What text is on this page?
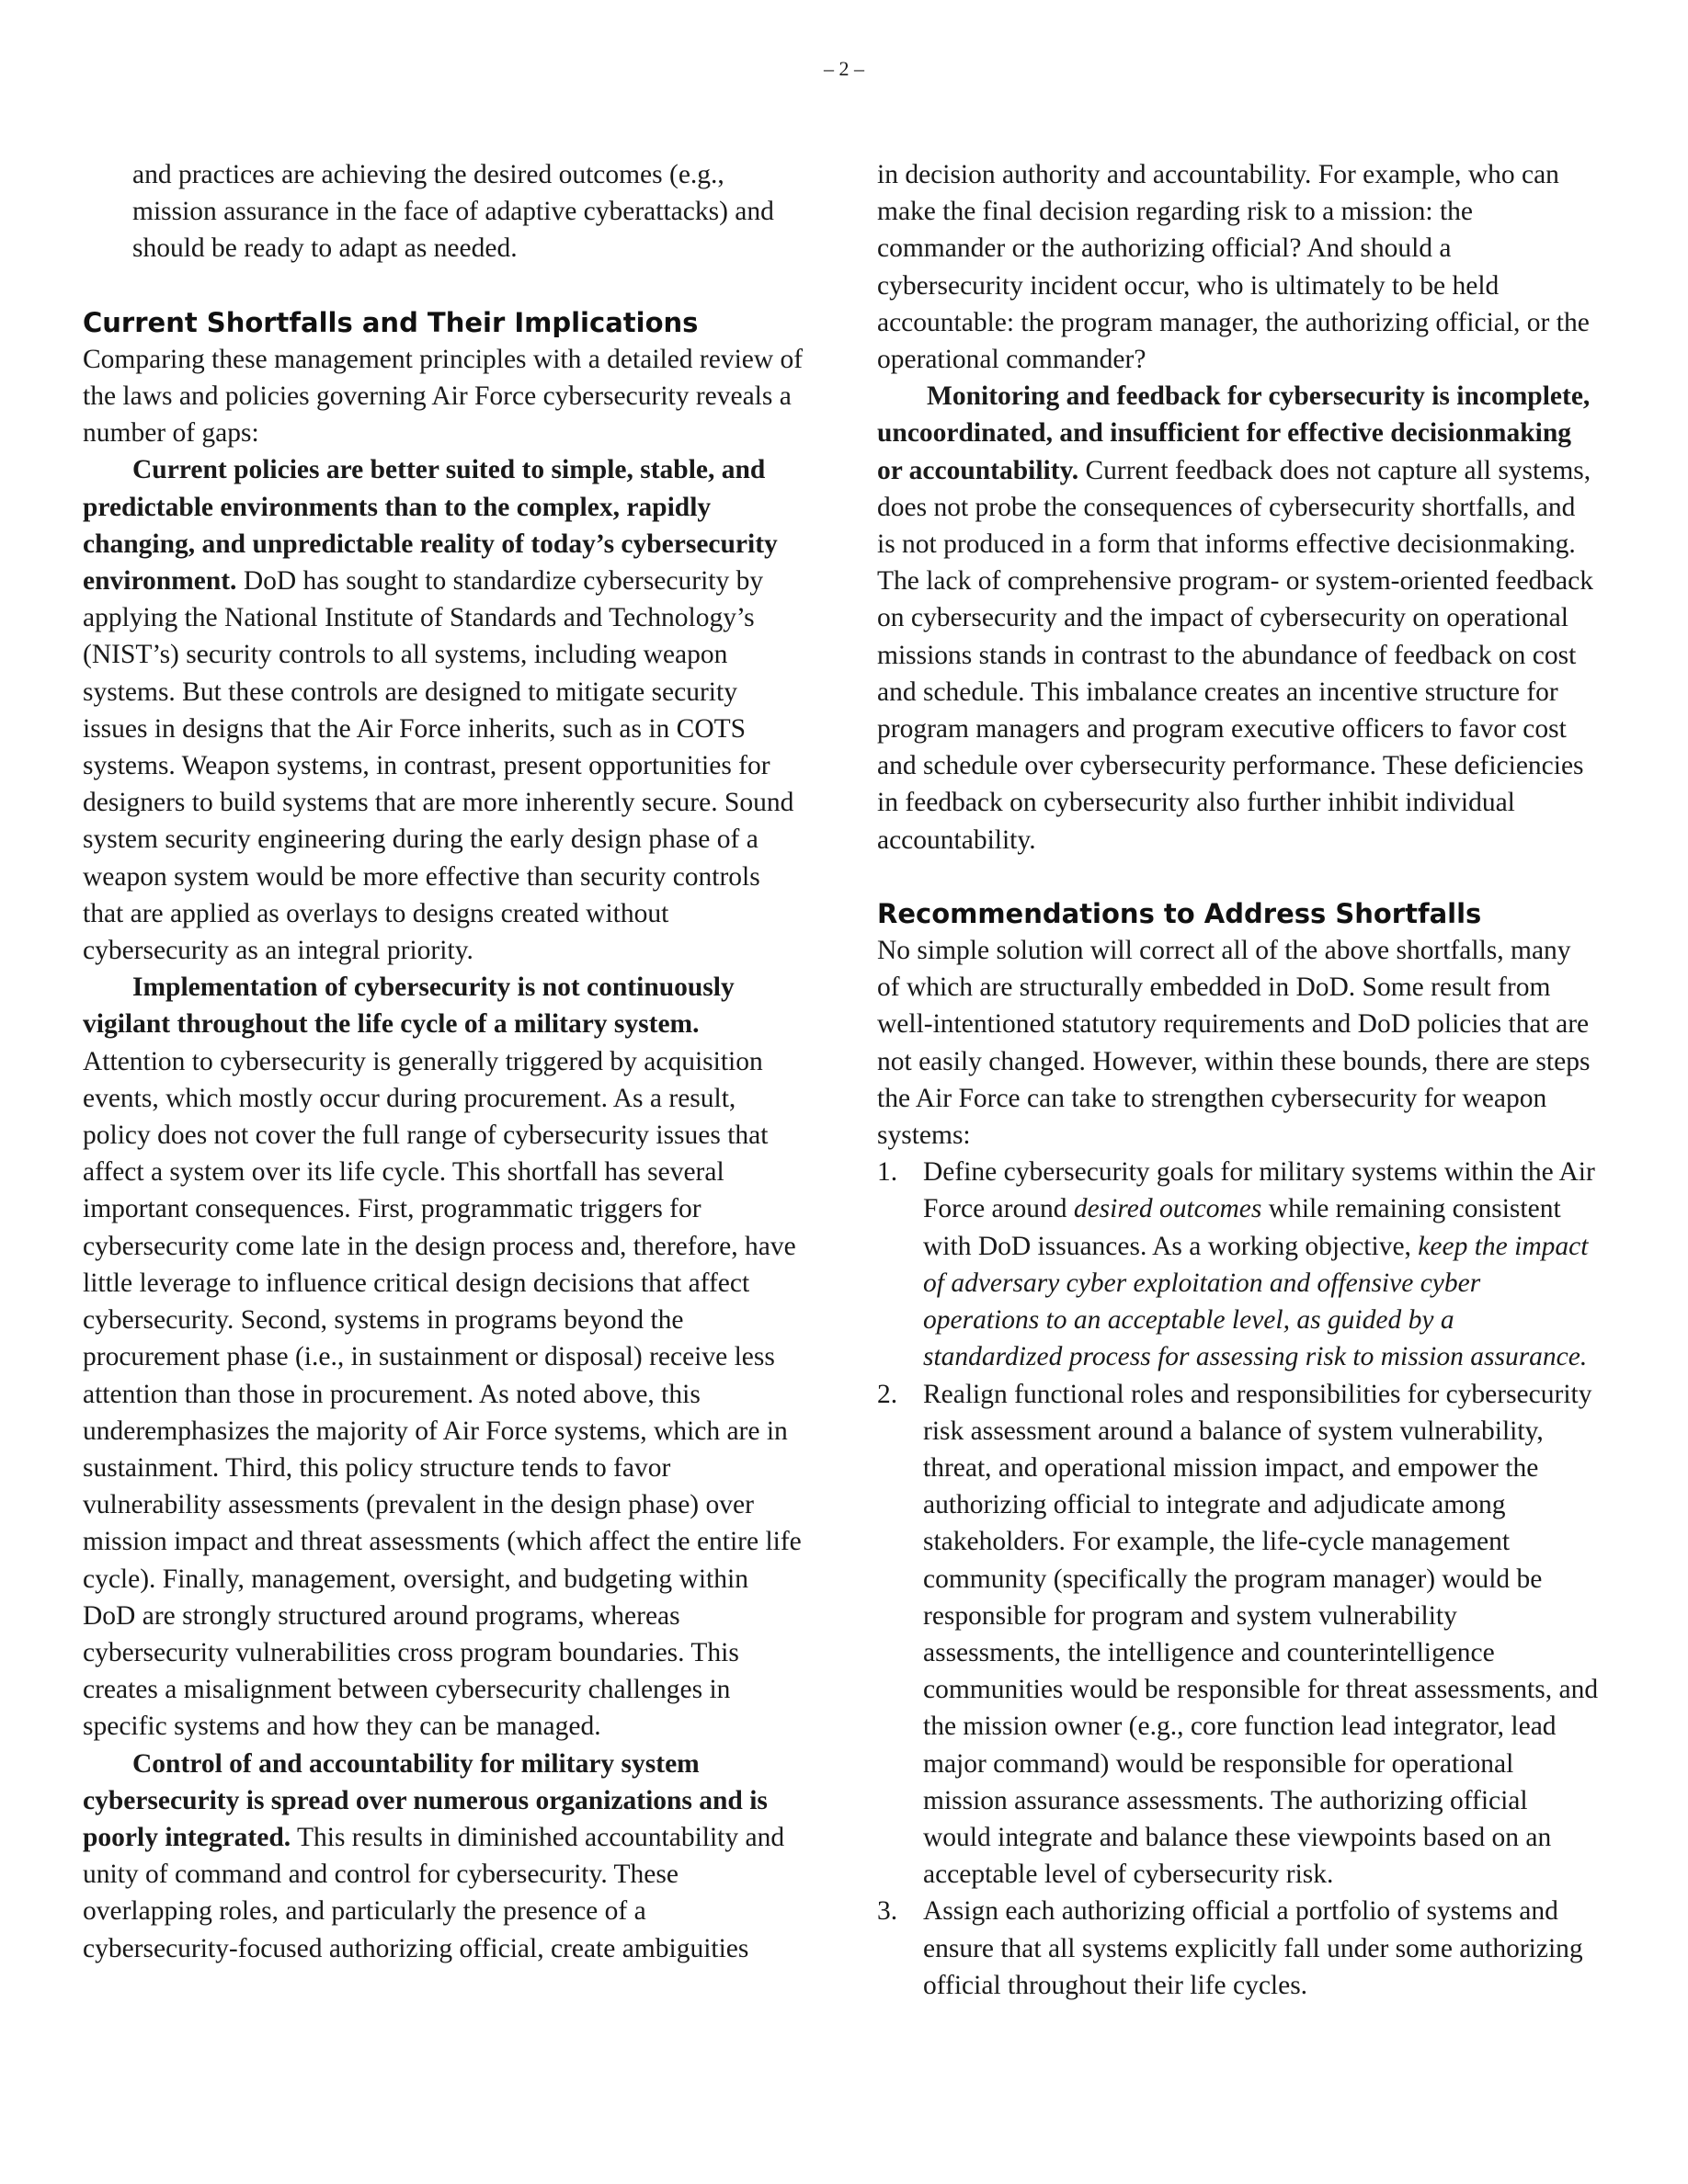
– 2 –

and practices are achieving the desired outcomes (e.g., mission assurance in the face of adaptive cyberattacks) and should be ready to adapt as needed.

Current Shortfalls and Their Implications

Comparing these management principles with a detailed review of the laws and policies governing Air Force cybersecurity reveals a number of gaps:

Current policies are better suited to simple, stable, and predictable environments than to the complex, rapidly changing, and unpredictable reality of today’s cybersecurity environment. DoD has sought to standardize cybersecurity by applying the National Institute of Standards and Technology’s (NIST’s) security controls to all systems, including weapon systems. But these controls are designed to mitigate security issues in designs that the Air Force inherits, such as in COTS systems. Weapon systems, in contrast, present opportunities for designers to build systems that are more inherently secure. Sound system security engineering during the early design phase of a weapon system would be more effective than security controls that are applied as overlays to designs created without cybersecurity as an integral priority.

Implementation of cybersecurity is not continuously vigilant throughout the life cycle of a military system. Attention to cybersecurity is generally triggered by acquisition events, which mostly occur during procurement. As a result, policy does not cover the full range of cybersecurity issues that affect a system over its life cycle. This shortfall has several important consequences. First, programmatic triggers for cybersecurity come late in the design process and, therefore, have little leverage to influence critical design decisions that affect cybersecurity. Second, systems in programs beyond the procurement phase (i.e., in sustainment or disposal) receive less attention than those in procurement. As noted above, this underemphasizes the majority of Air Force systems, which are in sustainment. Third, this policy structure tends to favor vulnerability assessments (prevalent in the design phase) over mission impact and threat assessments (which affect the entire life cycle). Finally, management, oversight, and budgeting within DoD are strongly structured around programs, whereas cybersecurity vulnerabilities cross program boundaries. This creates a misalignment between cybersecurity challenges in specific systems and how they can be managed.

Control of and accountability for military system cybersecurity is spread over numerous organizations and is poorly integrated. This results in diminished accountability and unity of command and control for cybersecurity. These overlapping roles, and particularly the presence of a cybersecurity-focused authorizing official, create ambiguities

in decision authority and accountability. For example, who can make the final decision regarding risk to a mission: the commander or the authorizing official? And should a cybersecurity incident occur, who is ultimately to be held accountable: the program manager, the authorizing official, or the operational commander?

Monitoring and feedback for cybersecurity is incomplete, uncoordinated, and insufficient for effective decisionmaking or accountability. Current feedback does not capture all systems, does not probe the consequences of cybersecurity shortfalls, and is not produced in a form that informs effective decisionmaking. The lack of comprehensive program- or system-oriented feedback on cybersecurity and the impact of cybersecurity on operational missions stands in contrast to the abundance of feedback on cost and schedule. This imbalance creates an incentive structure for program managers and program executive officers to favor cost and schedule over cybersecurity performance. These deficiencies in feedback on cybersecurity also further inhibit individual accountability.

Recommendations to Address Shortfalls

No simple solution will correct all of the above shortfalls, many of which are structurally embedded in DoD. Some result from well-intentioned statutory requirements and DoD policies that are not easily changed. However, within these bounds, there are steps the Air Force can take to strengthen cybersecurity for weapon systems:

1. Define cybersecurity goals for military systems within the Air Force around desired outcomes while remaining consistent with DoD issuances. As a working objective, keep the impact of adversary cyber exploitation and offensive cyber operations to an acceptable level, as guided by a standardized process for assessing risk to mission assurance.
2. Realign functional roles and responsibilities for cybersecurity risk assessment around a balance of system vulnerability, threat, and operational mission impact, and empower the authorizing official to integrate and adjudicate among stakeholders. For example, the life-cycle management community (specifically the program manager) would be responsible for program and system vulnerability assessments, the intelligence and counterintelligence communities would be responsible for threat assessments, and the mission owner (e.g., core function lead integrator, lead major command) would be responsible for operational mission assurance assessments. The authorizing official would integrate and balance these viewpoints based on an acceptable level of cybersecurity risk.
3. Assign each authorizing official a portfolio of systems and ensure that all systems explicitly fall under some authorizing official throughout their life cycles.
